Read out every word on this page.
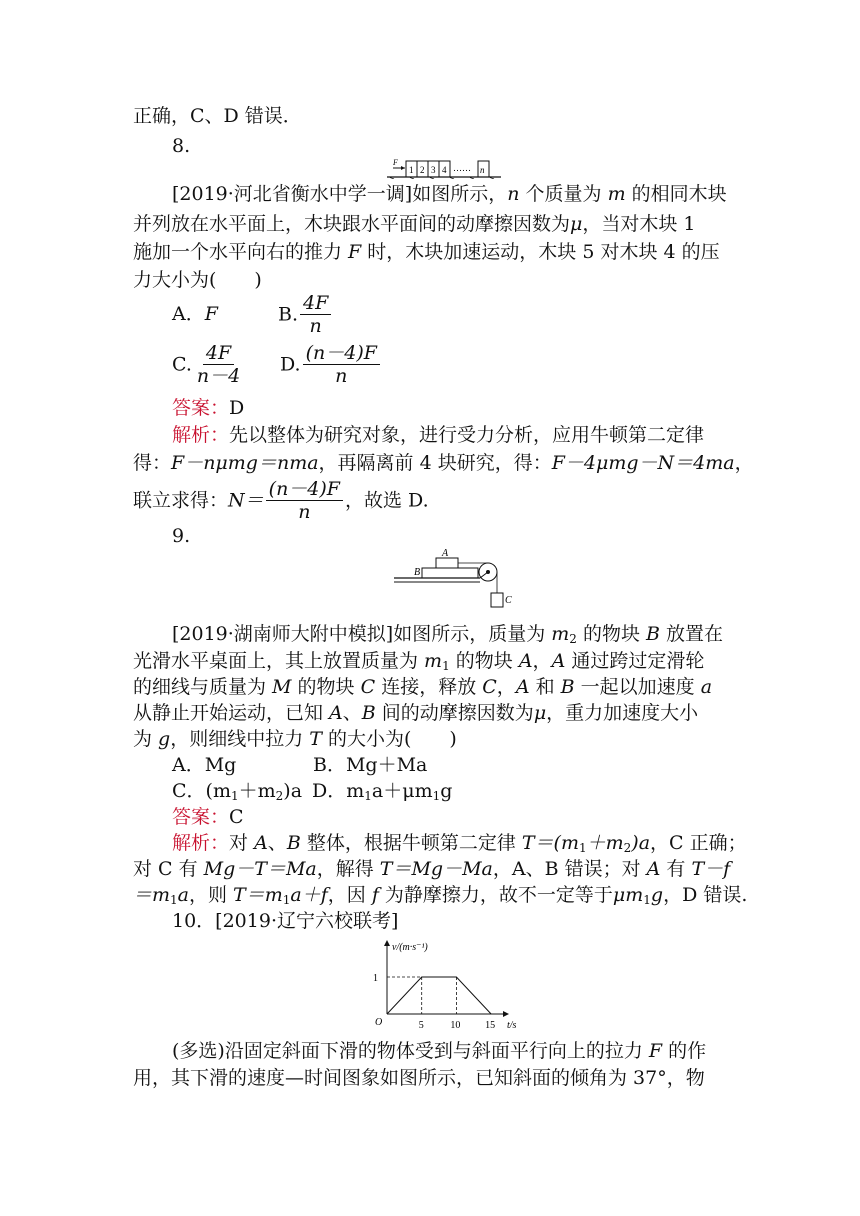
正确，C、D 错误．
8.
F
1 2 3 4 …… n
[2019·河北省衡水中学一调]如图所示，n 个质量为 m 的相同木块
并列放在水平面上，木块跟水平面间的动摩擦因数为μ，当对木块 1
施加一个水平向右的推力 F 时，木块加速运动，木块 5 对木块 4 的压
力大小为(　　)
A．F	B. $\frac{4F}{n}$
C. $\frac{4F}{n-4} D$. $\frac{(n-4)F}{n}$
答案：D
解析：先以整体为研究对象，进行受力分析，应用牛顿第二定律
得：F－nμmg＝nma，再隔离前 4 块研究，得：F－4μmg－N＝4ma，
联立求得：$N= \frac{(n-4)F}{n}$ ，故选 D.
9.
A
B
C
[2019·湖南师大附中模拟]如图所示，质量为 $m_2$ 的物块 B 放置在
光滑水平桌面上，其上放置质量为 $m_1$ 的物块 A，A 通过跨过定滑轮
的细线与质量为 M 的物块 C 连接，释放 C，A 和 B 一起以加速度 a
从静止开始运动，已知 A、B 间的动摩擦因数为μ，重力加速度大小
为 g，则细线中拉力 T 的大小为(　　)
A．Mg	B．Mg＋Ma
C．$(m_1+m_2)a$ D．$m_1a+\mu m_1g$
答案：C
解析：对 A、B 整体，根据牛顿第二定律 $T=(m_1+m_2)a$，C 正确；
对 C 有 Mg－T＝Ma，解得 T＝Mg－Ma，A、B 错误；对 A 有 T－f
$=m_1a$，则 $T=m_1a+f$，因 f 为静摩擦力，故不一定等于$\mu m_1g$，D 错误.
10．[2019·辽宁六校联考]
v/(m·s⁻¹)
t/s
O	5	10 15
1
(多选)沿固定斜面下滑的物体受到与斜面平行向上的拉力 F 的作
用，其下滑的速度—时间图象如图所示，已知斜面的倾角为 37°，物
